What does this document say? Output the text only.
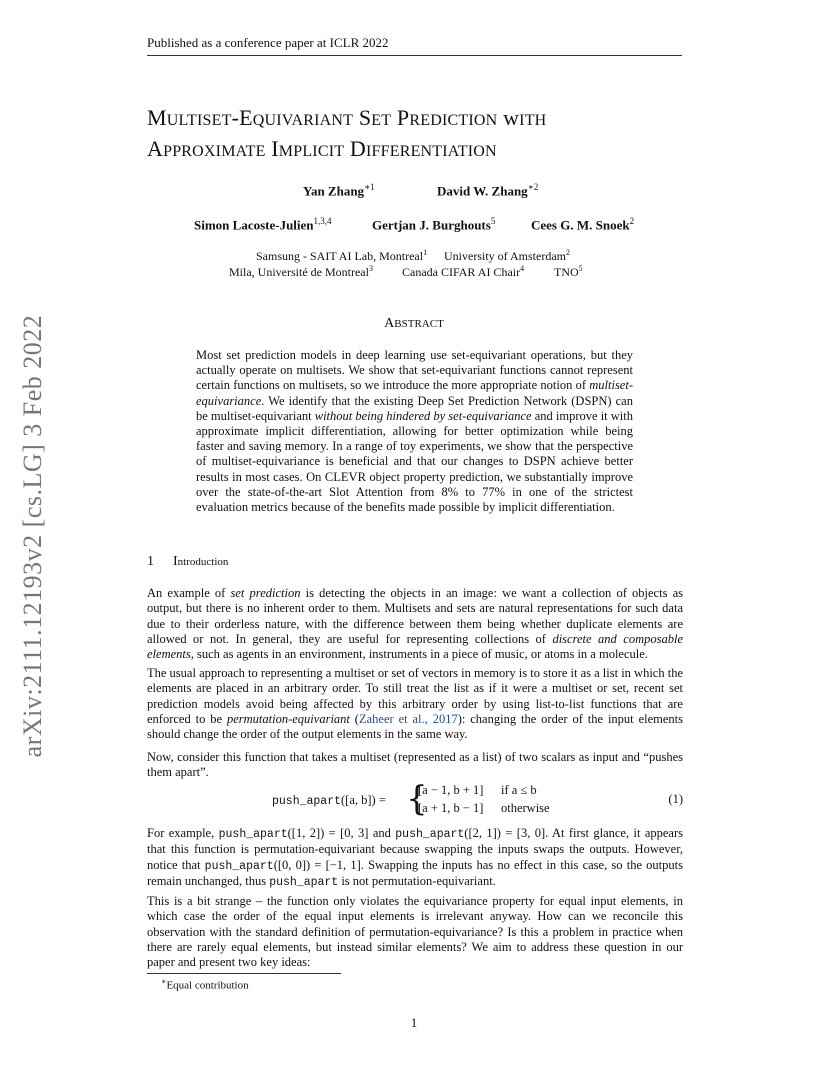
arXiv:2111.12193v2 [cs.LG] 3 Feb 2022
Published as a conference paper at ICLR 2022
MULTISET-EQUIVARIANT SET PREDICTION wITH
APPROXIMATE IMPLICIT DIFFERENTIATION
Yan Zhang$^{∗1}$	David W. Zhang$^{∗2}$
Simon Lacoste-Julien$^{1,3,4}$	Gertjan J. Burghouts$^5$	Cees G. M. Snoek$^2$
Samsung - SAIT AI Lab, Montreal$^1$ University of Amsterdam$^2$
Mila, Université de Montreal$^3$ Canada CIFAR AI Chair$^4$ TNO$^5$
ABSTRACT
Most set prediction models in deep learning use set-equivariant operations, but they actually operate on multisets. We show that set-equivariant functions cannot represent certain functions on multisets, so we introduce the more appropriate notion of multiset-equivariance. We identify that the existing Deep Set Prediction Network (DSPN) can be multiset-equivariant without being hindered by set-equivariance and improve it with approximate implicit differentiation, allowing for better optimization while being faster and saving memory. In a range of toy experiments, we show that the perspective of multiset-equivariance is beneficial and that our changes to DSPN achieve better results in most cases. On CLEVR object property prediction, we substantially improve over the state-of-the-art Slot Attention from 8% to 77% in one of the strictest evaluation metrics because of the benefits made possible by implicit differentiation.
1 Introduction
An example of set prediction is detecting the objects in an image: we want a collection of objects as output, but there is no inherent order to them. Multisets and sets are natural representations for such data due to their orderless nature, with the difference between them being whether duplicate elements are allowed or not. In general, they are useful for representing collections of discrete and composable elements, such as agents in an environment, instruments in a piece of music, or atoms in a molecule.
The usual approach to representing a multiset or set of vectors in memory is to store it as a list in which the elements are placed in an arbitrary order. To still treat the list as if it were a multiset or set, recent set prediction models avoid being affected by this arbitrary order by using list-to-list functions that are enforced to be permutation-equivariant (Zaheer et al., 2017): changing the order of the input elements should change the order of the output elements in the same way.
Now, consider this function that takes a multiset (represented as a list) of two scalars as input and “pushes them apart”.
push_apart([a, b]) = {
[a − 1, b + 1] if a ≤ b
[a + 1, b − 1] otherwise
(1)
For example, push_apart([1, 2]) = [0, 3] and push_apart([2, 1]) = [3, 0]. At first glance, it appears that this function is permutation-equivariant because swapping the inputs swaps the outputs. However, notice that push_apart([0, 0]) = [−1, 1]. Swapping the inputs has no effect in this case, so the outputs remain unchanged, thus push_apart is not permutation-equivariant.
This is a bit strange – the function only violates the equivariance property for equal input elements, in which case the order of the equal input elements is irrelevant anyway. How can we reconcile this observation with the standard definition of permutation-equivariance? Is this a problem in practice when there are rarely equal elements, but instead similar elements? We aim to address these question in our paper and present two key ideas:
∗Equal contribution
1
